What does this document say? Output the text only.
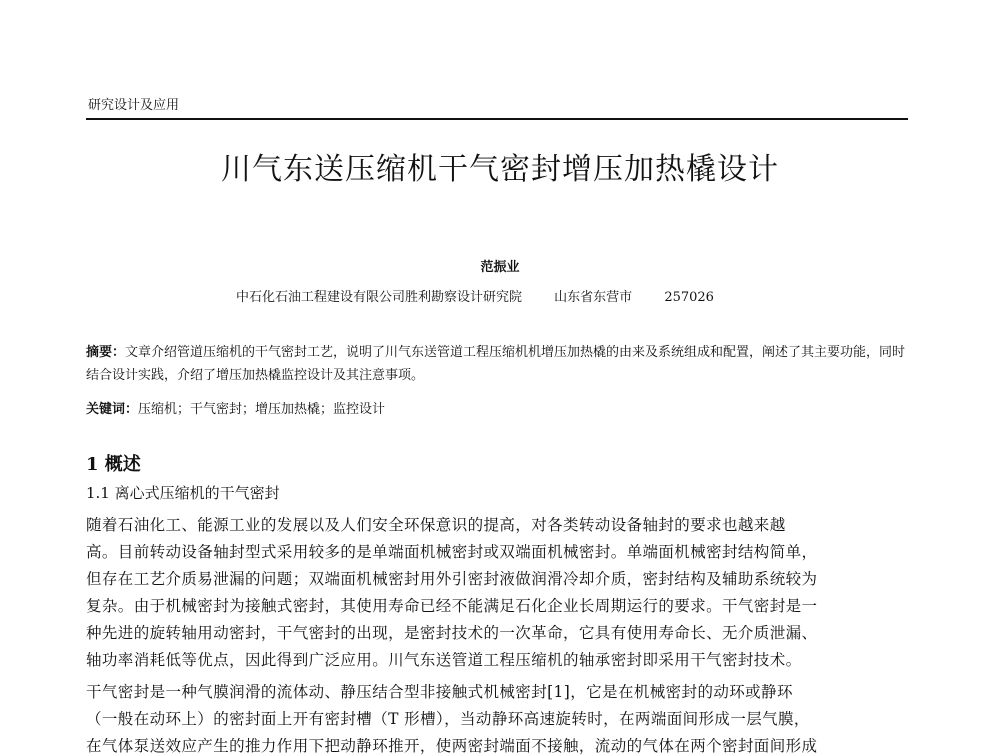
研究设计及应用
川气东送压缩机干气密封增压加热橇设计
范振业
中石化石油工程建设有限公司胜利勘察设计研究院 山东省东营市 257026
摘要：文章介绍管道压缩机的干气密封工艺，说明了川气东送管道工程压缩机机增压加热橇的由来及系统组成和配置，阐述了其主要功能，同时结合设计实践，介绍了增压加热橇监控设计及其注意事项。
关键词：压缩机；干气密封；增压加热橇；监控设计
1 概述
1.1 离心式压缩机的干气密封
随着石油化工、能源工业的发展以及人们安全环保意识的提高，对各类转动设备轴封的要求也越来越
高。目前转动设备轴封型式采用较多的是单端面机械密封或双端面机械密封。单端面机械密封结构简单，
但存在工艺介质易泄漏的问题；双端面机械密封用外引密封液做润滑冷却介质，密封结构及辅助系统较为
复杂。由于机械密封为接触式密封，其使用寿命已经不能满足石化企业长周期运行的要求。干气密封是一
种先进的旋转轴用动密封，干气密封的出现，是密封技术的一次革命，它具有使用寿命长、无介质泄漏、
轴功率消耗低等优点，因此得到广泛应用。川气东送管道工程压缩机的轴承密封即采用干气密封技术。
干气密封是一种气膜润滑的流体动、静压结合型非接触式机械密封[1]，它是在机械密封的动环或静环
（一般在动环上）的密封面上开有密封槽（T 形槽），当动静环高速旋转时，在两端面间形成一层气膜，
在气体泵送效应产生的推力作用下把动静环推开，使两密封端面不接触，流动的气体在两个密封面间形成
